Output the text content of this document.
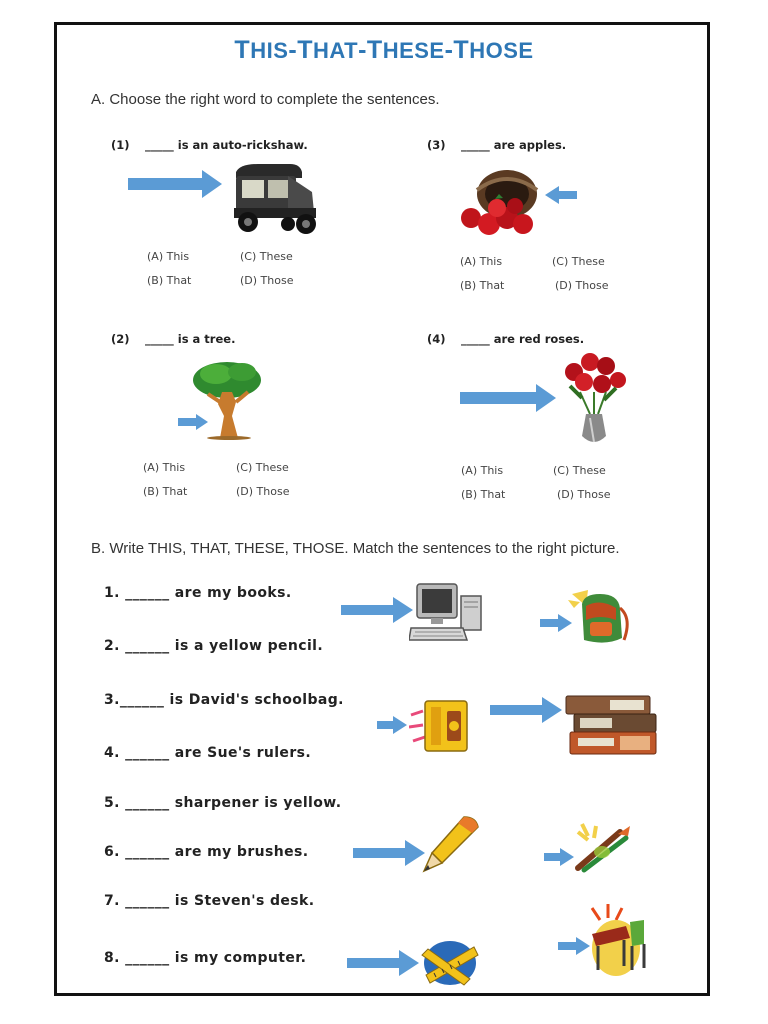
THIS-THAT-THESE-THOSE
A. Choose the right word to complete the sentences.
(1) _____ is an auto-rickshaw.
(A) This	(C) These
(B) That	(D) Those
(3) _____ are apples.
(A) This	(C) These
(B) That	(D) Those
(2) _____ is a tree.
(A) This	(C) These
(B) That	(D) Those
(4) _____ are red roses.
(A) This	(C) These
(B) That	(D) Those
B. Write THIS, THAT, THESE, THOSE. Match the sentences to the right picture.
1. ______ are my books.
2. ______ is a yellow pencil.
3.______ is David's schoolbag.
4. ______ are Sue's rulers.
5. ______ sharpener is yellow.
6. ______ are my brushes.
7. ______ is Steven's desk.
8. ______ is my computer.
